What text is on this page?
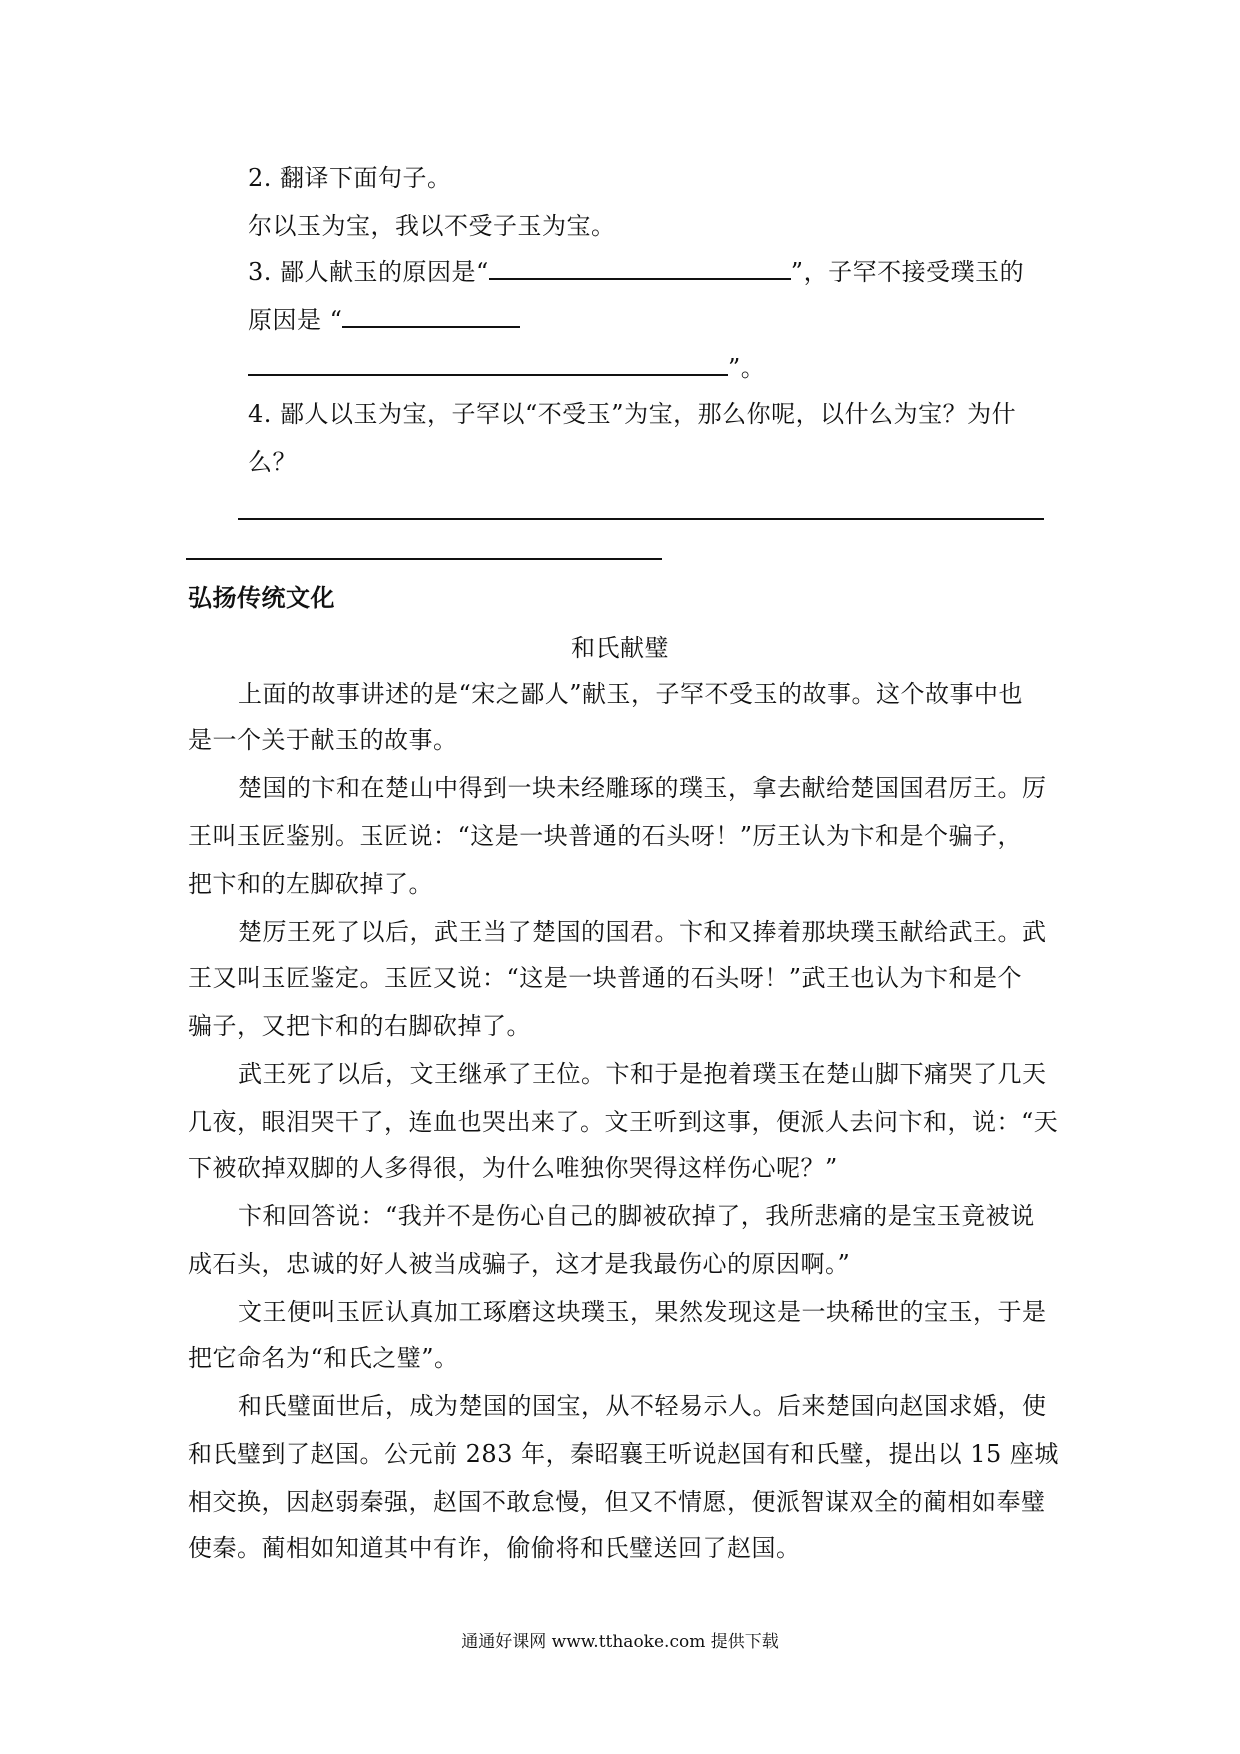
2. 翻译下面句子。
尔以玉为宝，我以不受子玉为宝。
3. 鄙人献玉的原因是“	”，子罕不接受璞玉的
原因是 “
”。
4. 鄙人以玉为宝，子罕以“不受玉”为宝，那么你呢，以什么为宝？为什
么？
弘扬传统文化
和氏献璧
上面的故事讲述的是“宋之鄙人”献玉，子罕不受玉的故事。这个故事中也
是一个关于献玉的故事。
楚国的卞和在楚山中得到一块未经雕琢的璞玉，拿去献给楚国国君厉王。厉
王叫玉匠鉴别。玉匠说：“这是一块普通的石头呀！”厉王认为卞和是个骗子，
把卞和的左脚砍掉了。
楚厉王死了以后，武王当了楚国的国君。卞和又捧着那块璞玉献给武王。武
王又叫玉匠鉴定。玉匠又说：“这是一块普通的石头呀！”武王也认为卞和是个
骗子，又把卞和的右脚砍掉了。
武王死了以后，文王继承了王位。卞和于是抱着璞玉在楚山脚下痛哭了几天
几夜，眼泪哭干了，连血也哭出来了。文王听到这事，便派人去问卞和，说：“天
下被砍掉双脚的人多得很，为什么唯独你哭得这样伤心呢？”
卞和回答说：“我并不是伤心自己的脚被砍掉了，我所悲痛的是宝玉竟被说
成石头，忠诚的好人被当成骗子，这才是我最伤心的原因啊。”
文王便叫玉匠认真加工琢磨这块璞玉，果然发现这是一块稀世的宝玉，于是
把它命名为“和氏之璧”。
和氏璧面世后，成为楚国的国宝，从不轻易示人。后来楚国向赵国求婚，使
和氏璧到了赵国。公元前 283 年，秦昭襄王听说赵国有和氏璧，提出以 15 座城
相交换，因赵弱秦强，赵国不敢怠慢，但又不情愿，便派智谋双全的蔺相如奉璧
使秦。蔺相如知道其中有诈，偷偷将和氏璧送回了赵国。
通通好课网 www.tthaoke.com 提供下载
